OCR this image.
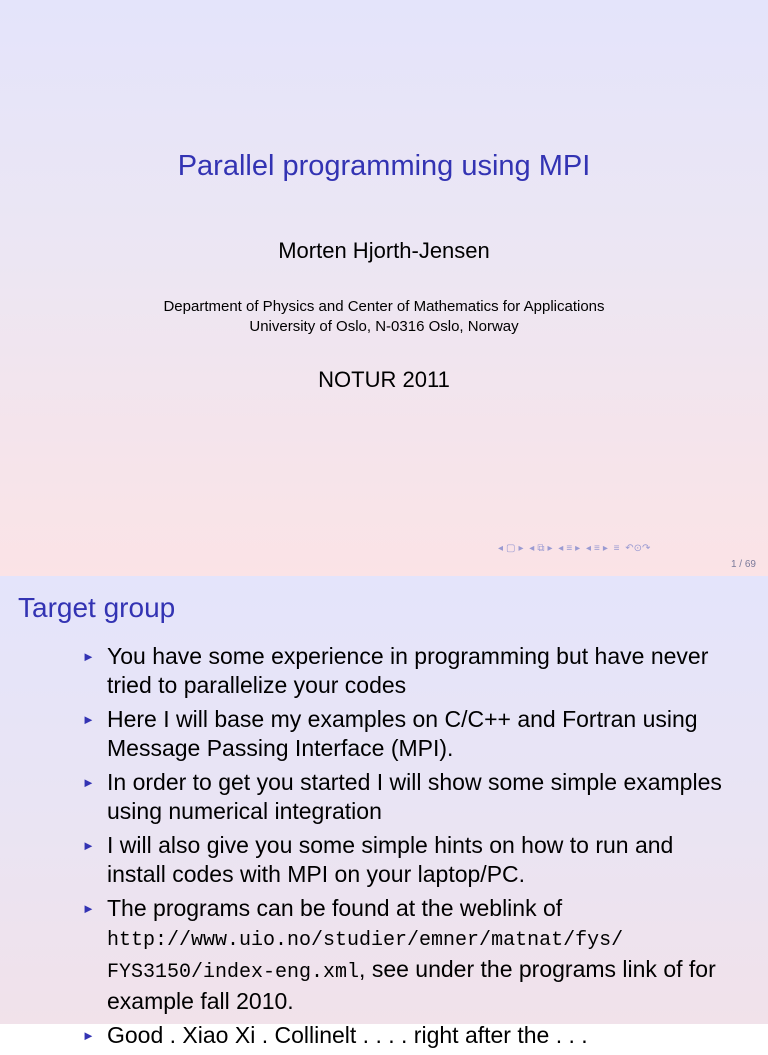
Parallel programming using MPI
Morten Hjorth-Jensen
Department of Physics and Center of Mathematics for Applications
University of Oslo, N-0316 Oslo, Norway
NOTUR 2011
◂ ▢ ▸ ◂ ⧉ ▸ ◂ ≡ ▸ ◂ ≡ ▸ ≡ ↶⊙↷
1 / 69
Target group
► You have some experience in programming but have never tried to parallelize your codes
► Here I will base my examples on C/C++ and Fortran using Message Passing Interface (MPI).
► In order to get you started I will show some simple examples using numerical integration
► I will also give you some simple hints on how to run and install codes with MPI on your laptop/PC.
► The programs can be found at the weblink of
http://www.uio.no/studier/emner/matnat/fys/
FYS3150/index-eng.xml, see under the programs link of for example fall 2010.
► Good . Xiao Xi . Collinelt . . . . right after the . . .
